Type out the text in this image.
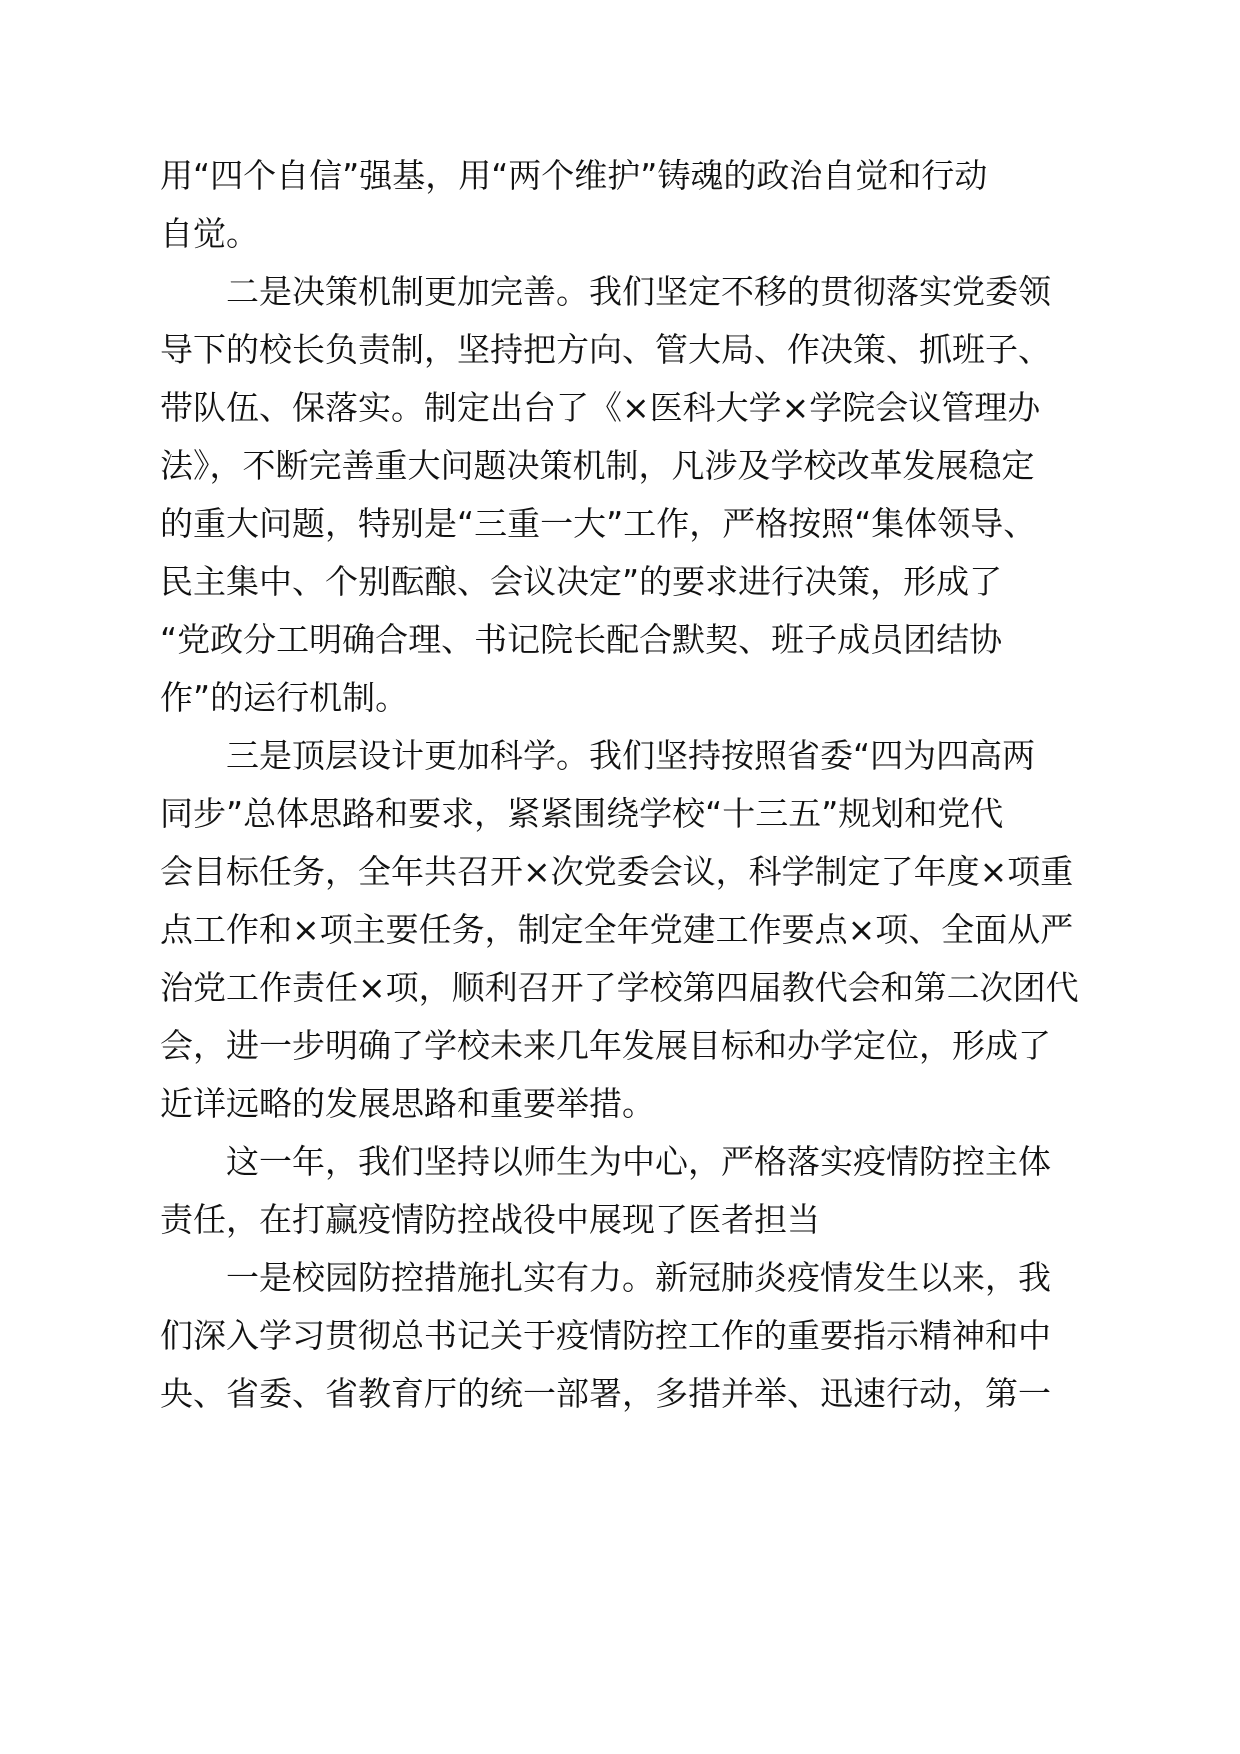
用“四个自信”强基，用“两个维护”铸魂的政治自觉和行动
自觉。
　　二是决策机制更加完善。我们坚定不移的贯彻落实党委领
导下的校长负责制，坚持把方向、管大局、作决策、抓班子、
带队伍、保落实。制定出台了《×医科大学×学院会议管理办
法》，不断完善重大问题决策机制，凡涉及学校改革发展稳定
的重大问题，特别是“三重一大”工作，严格按照“集体领导、
民主集中、个别酝酿、会议决定”的要求进行决策，形成了
“党政分工明确合理、书记院长配合默契、班子成员团结协
作”的运行机制。
　　三是顶层设计更加科学。我们坚持按照省委“四为四高两
同步”总体思路和要求，紧紧围绕学校“十三五”规划和党代
会目标任务，全年共召开×次党委会议，科学制定了年度×项重
点工作和×项主要任务，制定全年党建工作要点×项、全面从严
治党工作责任×项，顺利召开了学校第四届教代会和第二次团代
会，进一步明确了学校未来几年发展目标和办学定位，形成了
近详远略的发展思路和重要举措。
　　这一年，我们坚持以师生为中心，严格落实疫情防控主体
责任，在打赢疫情防控战役中展现了医者担当
　　一是校园防控措施扎实有力。新冠肺炎疫情发生以来，我
们深入学习贯彻总书记关于疫情防控工作的重要指示精神和中
央、省委、省教育厅的统一部署，多措并举、迅速行动，第一
